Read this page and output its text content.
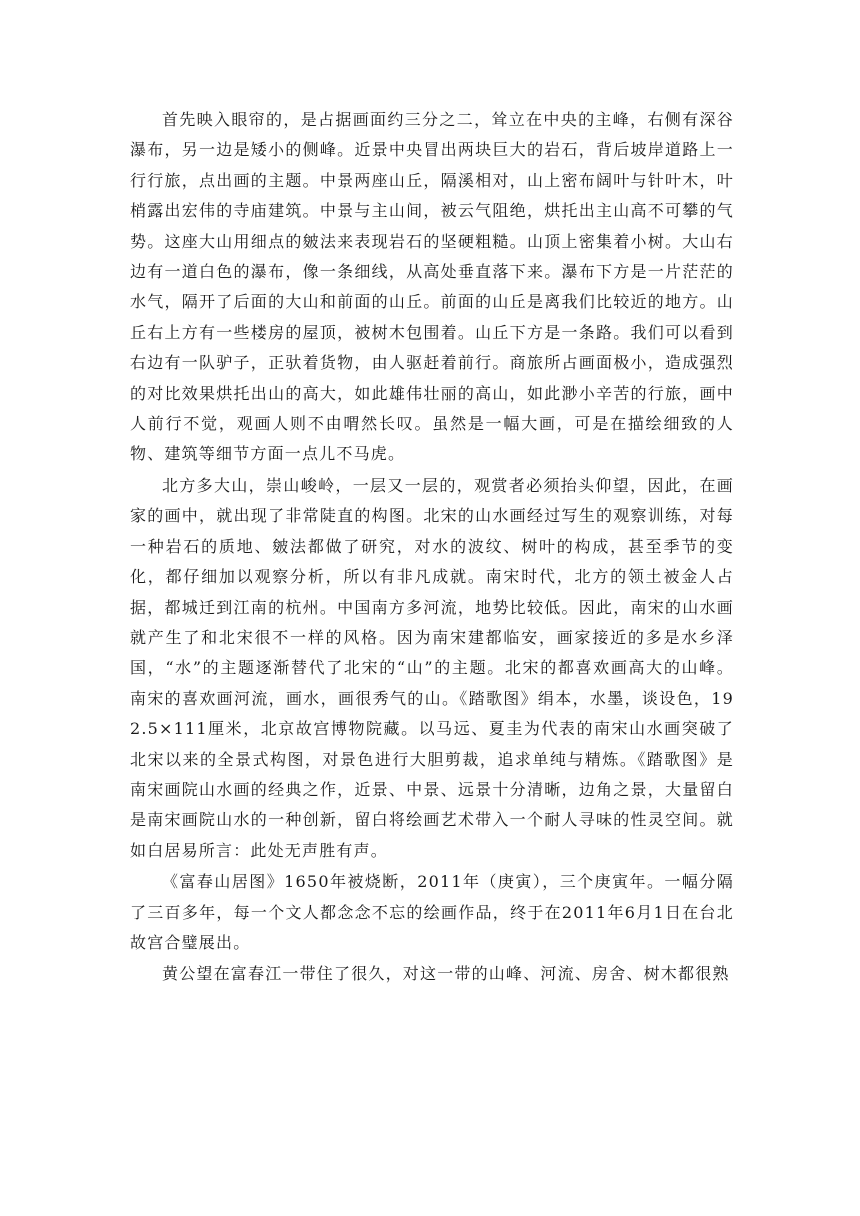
首先映入眼帘的，是占据画面约三分之二，耸立在中央的主峰，右侧有深谷瀑布，另一边是矮小的侧峰。近景中央冒出两块巨大的岩石，背后坡岸道路上一行行旅，点出画的主题。中景两座山丘，隔溪相对，山上密布阔叶与针叶木，叶梢露出宏伟的寺庙建筑。中景与主山间，被云气阻绝，烘托出主山高不可攀的气势。这座大山用细点的皴法来表现岩石的坚硬粗糙。山顶上密集着小树。大山右边有一道白色的瀑布，像一条细线，从高处垂直落下来。瀑布下方是一片茫茫的水气，隔开了后面的大山和前面的山丘。前面的山丘是离我们比较近的地方。山丘右上方有一些楼房的屋顶，被树木包围着。山丘下方是一条路。我们可以看到右边有一队驴子，正驮着货物，由人驱赶着前行。商旅所占画面极小，造成强烈的对比效果烘托出山的高大，如此雄伟壮丽的高山，如此渺小辛苦的行旅，画中人前行不觉，观画人则不由喟然长叹。虽然是一幅大画，可是在描绘细致的人物、建筑等细节方面一点儿不马虎。

北方多大山，崇山峻岭，一层又一层的，观赏者必须抬头仰望，因此，在画家的画中，就出现了非常陡直的构图。北宋的山水画经过写生的观察训练，对每一种岩石的质地、皴法都做了研究，对水的波纹、树叶的构成，甚至季节的变化，都仔细加以观察分析，所以有非凡成就。南宋时代，北方的领土被金人占据，都城迁到江南的杭州。中国南方多河流，地势比较低。因此，南宋的山水画就产生了和北宋很不一样的风格。因为南宋建都临安，画家接近的多是水乡泽国，“水”的主题逐渐替代了北宋的“山”的主题。北宋的都喜欢画高大的山峰。南宋的喜欢画河流，画水，画很秀气的山。《踏歌图》绢本，水墨，谈设色，192.5×111厘米，北京故宫博物院藏。以马远、夏圭为代表的南宋山水画突破了北宋以来的全景式构图，对景色进行大胆剪裁，追求单纯与精炼。《踏歌图》是南宋画院山水画的经典之作，近景、中景、远景十分清晰，边角之景，大量留白是南宋画院山水的一种创新，留白将绘画艺术带入一个耐人寻味的性灵空间。就如白居易所言：此处无声胜有声。

《富春山居图》1650年被烧断，2011年（庚寅），三个庚寅年。一幅分隔了三百多年，每一个文人都念念不忘的绘画作品，终于在2011年6月1日在台北故宫合璧展出。

黄公望在富春江一带住了很久，对这一带的山峰、河流、房舍、树木都很熟
